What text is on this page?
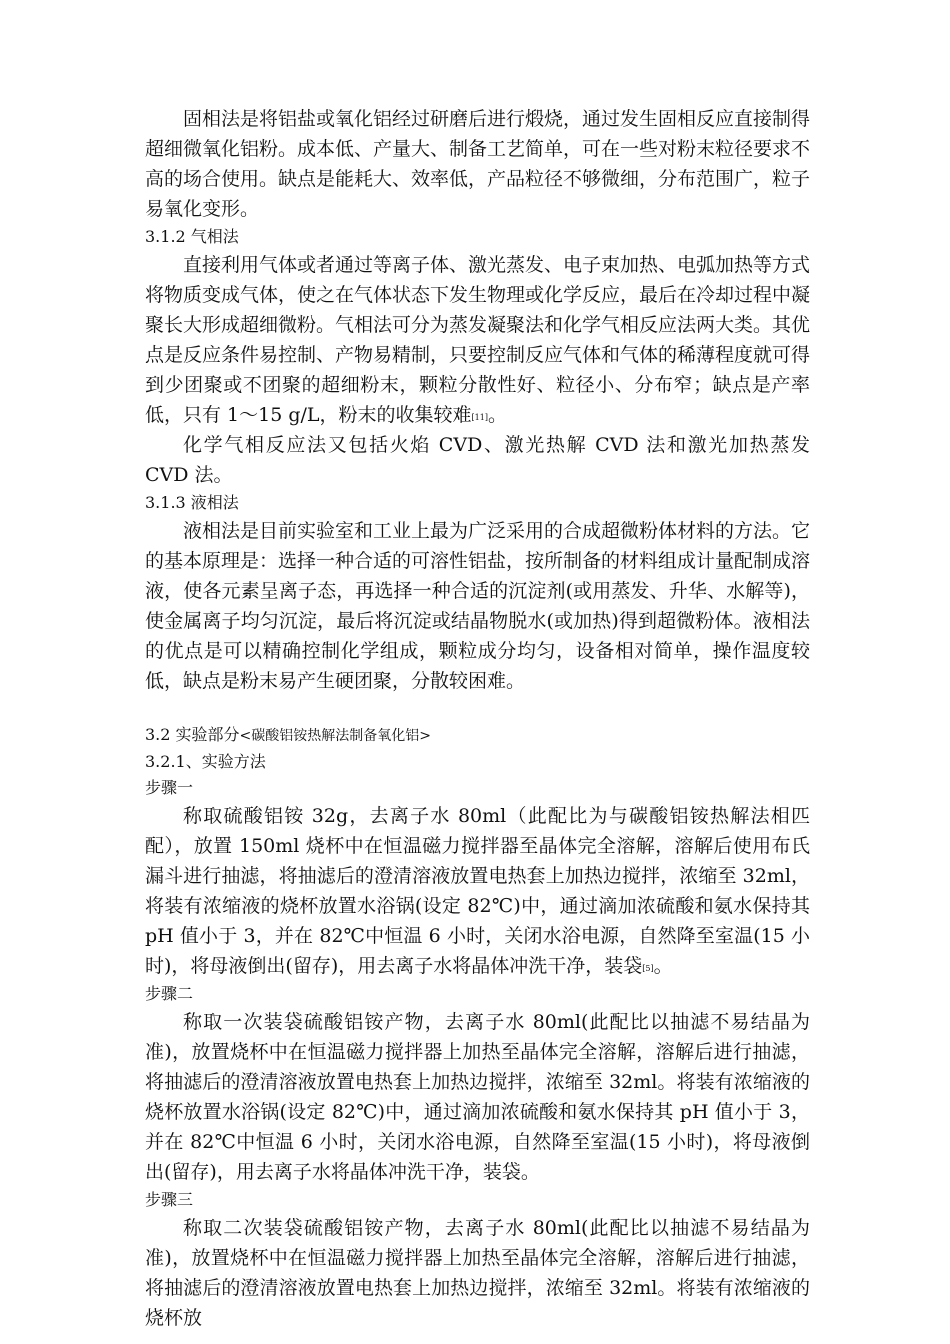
固相法是将铝盐或氧化铝经过研磨后进行煅烧，通过发生固相反应直接制得超细微氧化铝粉。成本低、产量大、制备工艺简单，可在一些对粉末粒径要求不高的场合使用。缺点是能耗大、效率低，产品粒径不够微细，分布范围广，粒子易氧化变形。

3.1.2 气相法

直接利用气体或者通过等离子体、激光蒸发、电子束加热、电弧加热等方式将物质变成气体，使之在气体状态下发生物理或化学反应，最后在冷却过程中凝聚长大形成超细微粉。气相法可分为蒸发凝聚法和化学气相反应法两大类。其优点是反应条件易控制、产物易精制，只要控制反应气体和气体的稀薄程度就可得到少团聚或不团聚的超细粉末，颗粒分散性好、粒径小、分布窄；缺点是产率低，只有 1～15 g/L，粉末的收集较难[11]。

化学气相反应法又包括火焰 CVD、激光热解 CVD 法和激光加热蒸发 CVD 法。

3.1.3 液相法

液相法是目前实验室和工业上最为广泛采用的合成超微粉体材料的方法。它的基本原理是：选择一种合适的可溶性铝盐，按所制备的材料组成计量配制成溶液，使各元素呈离子态，再选择一种合适的沉淀剂(或用蒸发、升华、水解等)，使金属离子均匀沉淀，最后将沉淀或结晶物脱水(或加热)得到超微粉体。液相法的优点是可以精确控制化学组成，颗粒成分均匀，设备相对简单，操作温度较低，缺点是粉末易产生硬团聚，分散较困难。

3.2 实验部分<碳酸铝铵热解法制备氧化铝>

3.2.1、实验方法

步骤一

称取硫酸铝铵 32g，去离子水 80ml（此配比为与碳酸铝铵热解法相匹配），放置 150ml 烧杯中在恒温磁力搅拌器至晶体完全溶解，溶解后使用布氏漏斗进行抽滤，将抽滤后的澄清溶液放置电热套上加热边搅拌，浓缩至 32ml，将装有浓缩液的烧杯放置水浴锅(设定 82℃)中，通过滴加浓硫酸和氨水保持其 pH 值小于 3，并在 82℃中恒温 6 小时，关闭水浴电源，自然降至室温(15 小时)，将母液倒出(留存)，用去离子水将晶体冲洗干净，装袋[5]。

步骤二

称取一次装袋硫酸铝铵产物，去离子水 80ml(此配比以抽滤不易结晶为准)，放置烧杯中在恒温磁力搅拌器上加热至晶体完全溶解，溶解后进行抽滤，将抽滤后的澄清溶液放置电热套上加热边搅拌，浓缩至 32ml。将装有浓缩液的烧杯放置水浴锅(设定 82℃)中，通过滴加浓硫酸和氨水保持其 pH 值小于 3，并在 82℃中恒温 6 小时，关闭水浴电源，自然降至室温(15 小时)，将母液倒出(留存)，用去离子水将晶体冲洗干净，装袋。

步骤三

称取二次装袋硫酸铝铵产物，去离子水 80ml(此配比以抽滤不易结晶为准)，放置烧杯中在恒温磁力搅拌器上加热至晶体完全溶解，溶解后进行抽滤，将抽滤后的澄清溶液放置电热套上加热边搅拌，浓缩至 32ml。将装有浓缩液的烧杯放
